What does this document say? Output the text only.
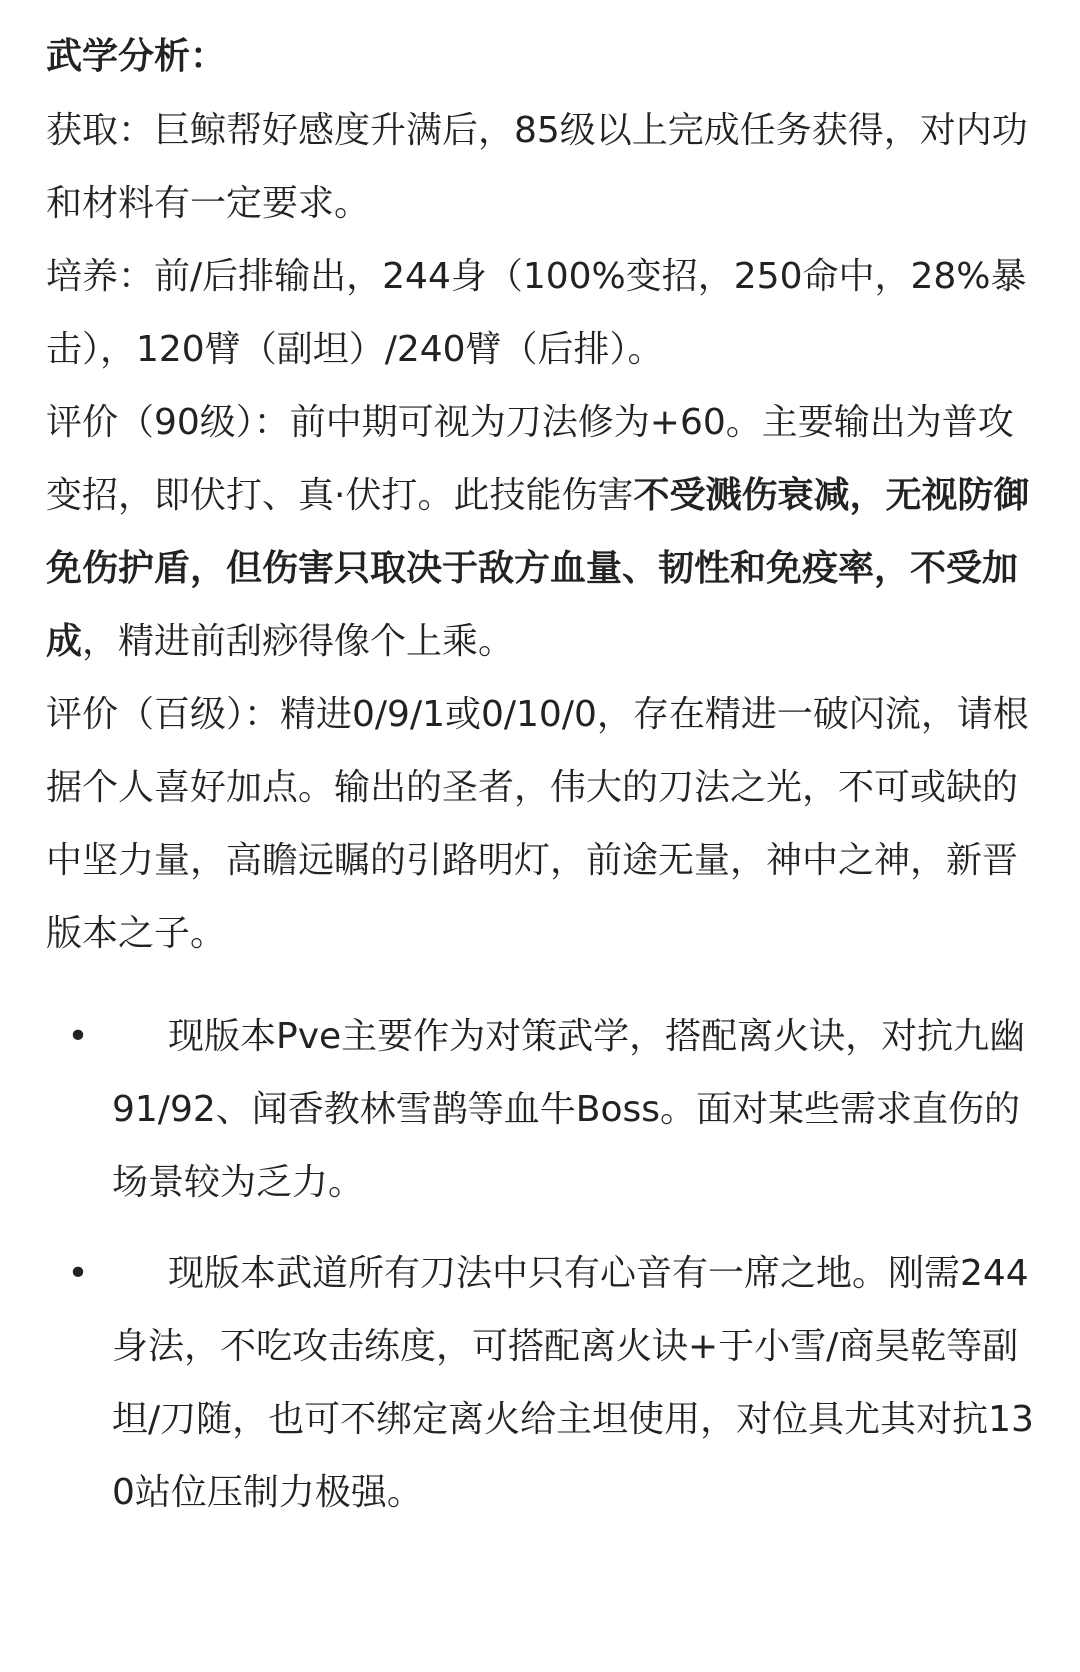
武学分析：

获取：巨鲸帮好感度升满后，85级以上完成任务获得，对内功和材料有一定要求。

培养：前/后排输出，244身（100%变招，250命中，28%暴击），120臂（副坦）/240臂（后排）。

评价（90级）：前中期可视为刀法修为+60。主要输出为普攻变招，即伏打、真·伏打。此技能伤害不受溅伤衰减，无视防御免伤护盾，但伤害只取决于敌方血量、韧性和免疫率，不受加成，精进前刮痧得像个上乘。

评价（百级）：精进0/9/1或0/10/0，存在精进一破闪流，请根据个人喜好加点。输出的圣者，伟大的刀法之光，不可或缺的中坚力量，高瞻远瞩的引路明灯，前途无量，神中之神，新晋版本之子。

• 现版本Pve主要作为对策武学，搭配离火诀，对抗九幽91/92、闻香教林雪鹊等血牛Boss。面对某些需求直伤的场景较为乏力。
• 现版本武道所有刀法中只有心音有一席之地。刚需244身法，不吃攻击练度，可搭配离火诀+于小雪/商昊乾等副坦/刀随，也可不绑定离火给主坦使用，对位具尤其对抗130站位压制力极强。
